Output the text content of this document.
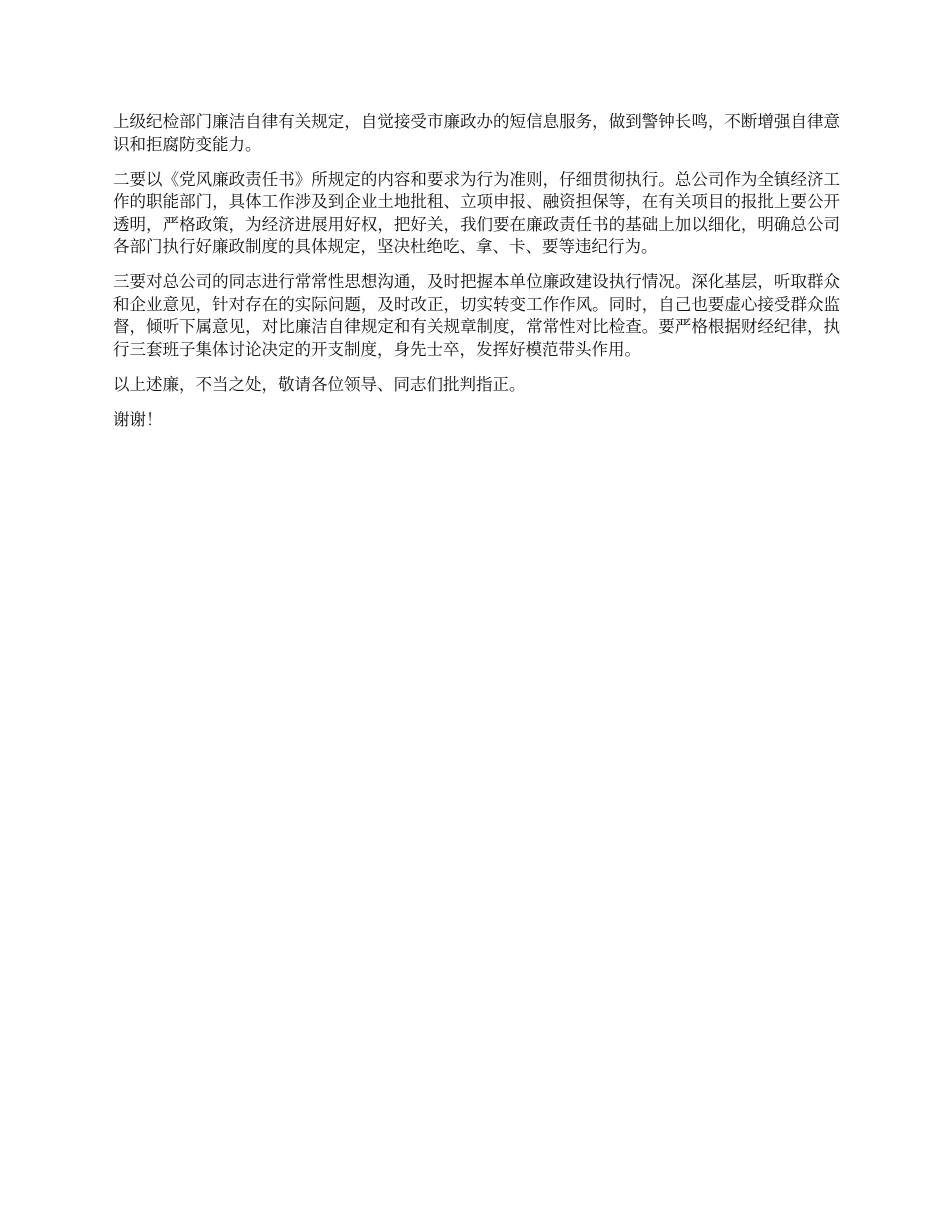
上级纪检部门廉洁自律有关规定，自觉接受市廉政办的短信息服务，做到警钟长鸣，不断增强自律意识和拒腐防变能力。

二要以《党风廉政责任书》所规定的内容和要求为行为准则，仔细贯彻执行。总公司作为全镇经济工作的职能部门，具体工作涉及到企业土地批租、立项申报、融资担保等，在有关项目的报批上要公开透明，严格政策，为经济进展用好权，把好关，我们要在廉政责任书的基础上加以细化，明确总公司各部门执行好廉政制度的具体规定，坚决杜绝吃、拿、卡、要等违纪行为。

三要对总公司的同志进行常常性思想沟通，及时把握本单位廉政建设执行情况。深化基层，听取群众和企业意见，针对存在的实际问题，及时改正，切实转变工作作风。同时，自己也要虚心接受群众监督，倾听下属意见，对比廉洁自律规定和有关规章制度，常常性对比检查。要严格根据财经纪律，执行三套班子集体讨论决定的开支制度，身先士卒，发挥好模范带头作用。

以上述廉，不当之处，敬请各位领导、同志们批判指正。

谢谢！
